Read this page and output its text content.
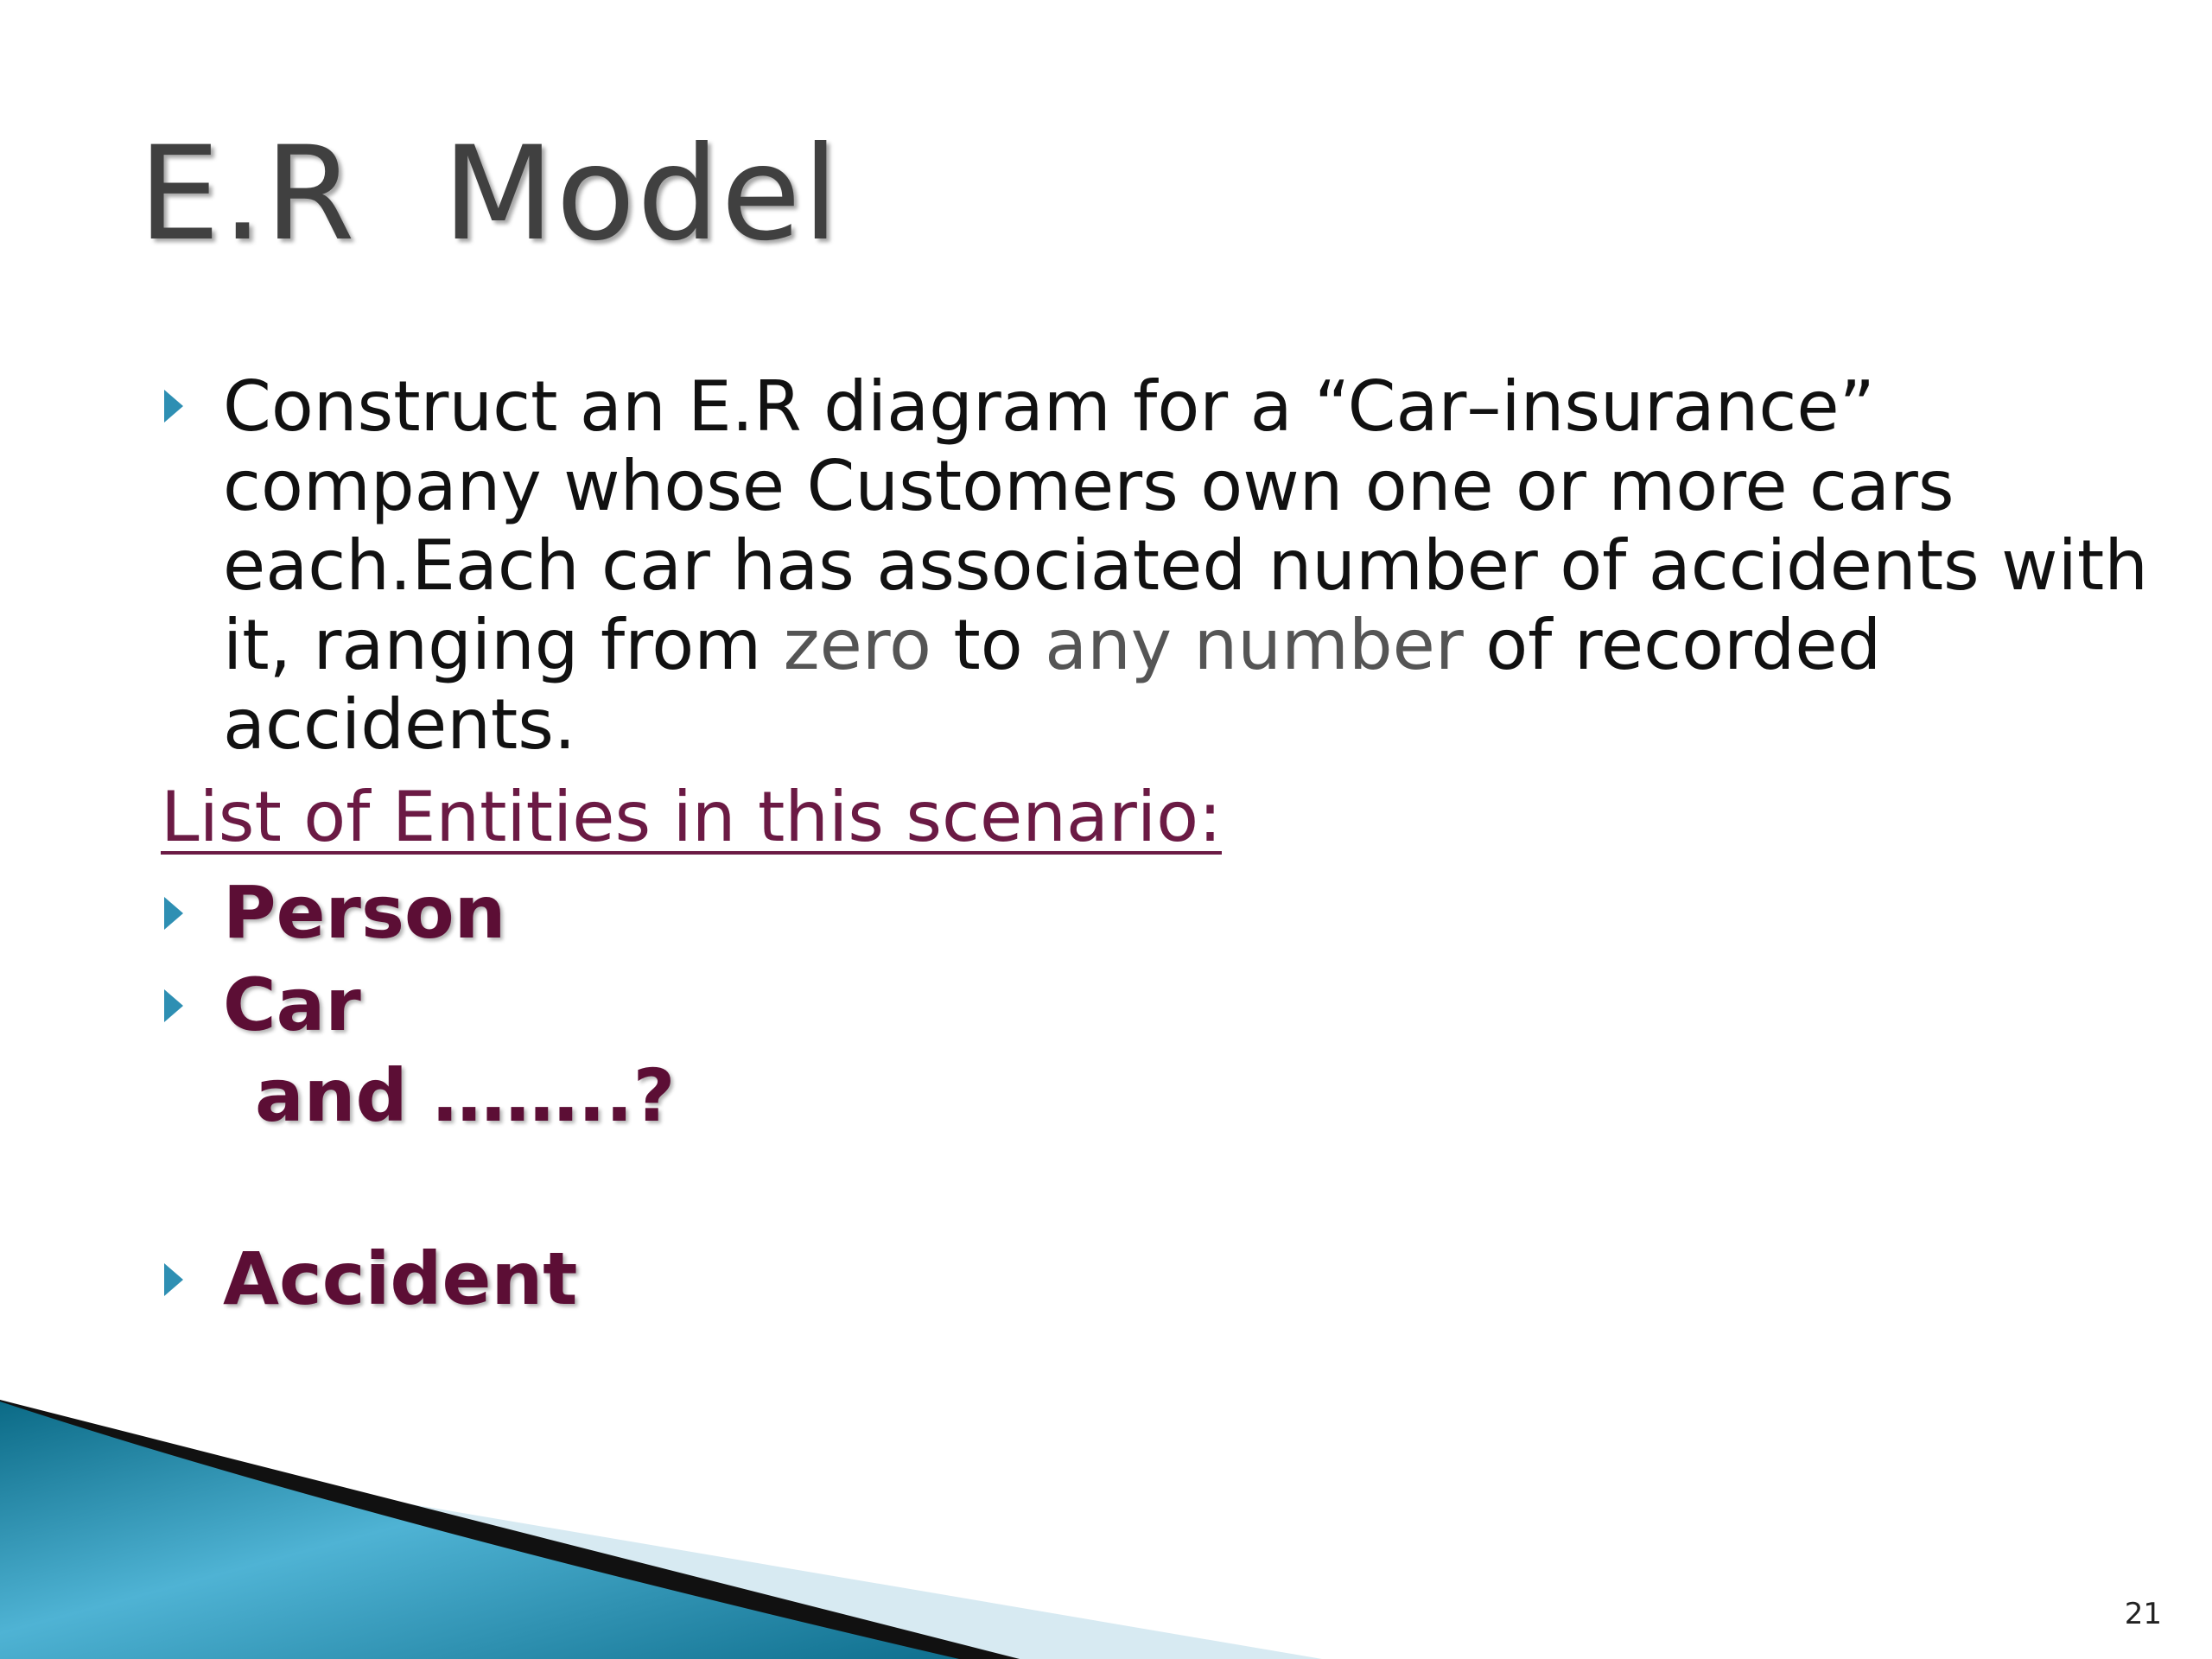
E.R  Model
Construct an E.R diagram for a “Car–insurance” company whose Customers own one or more cars each.Each car has associated number of accidents with it, ranging from zero to any number of recorded accidents.
List of Entities in this scenario:
Person
Car
and ……..?
Accident
21
